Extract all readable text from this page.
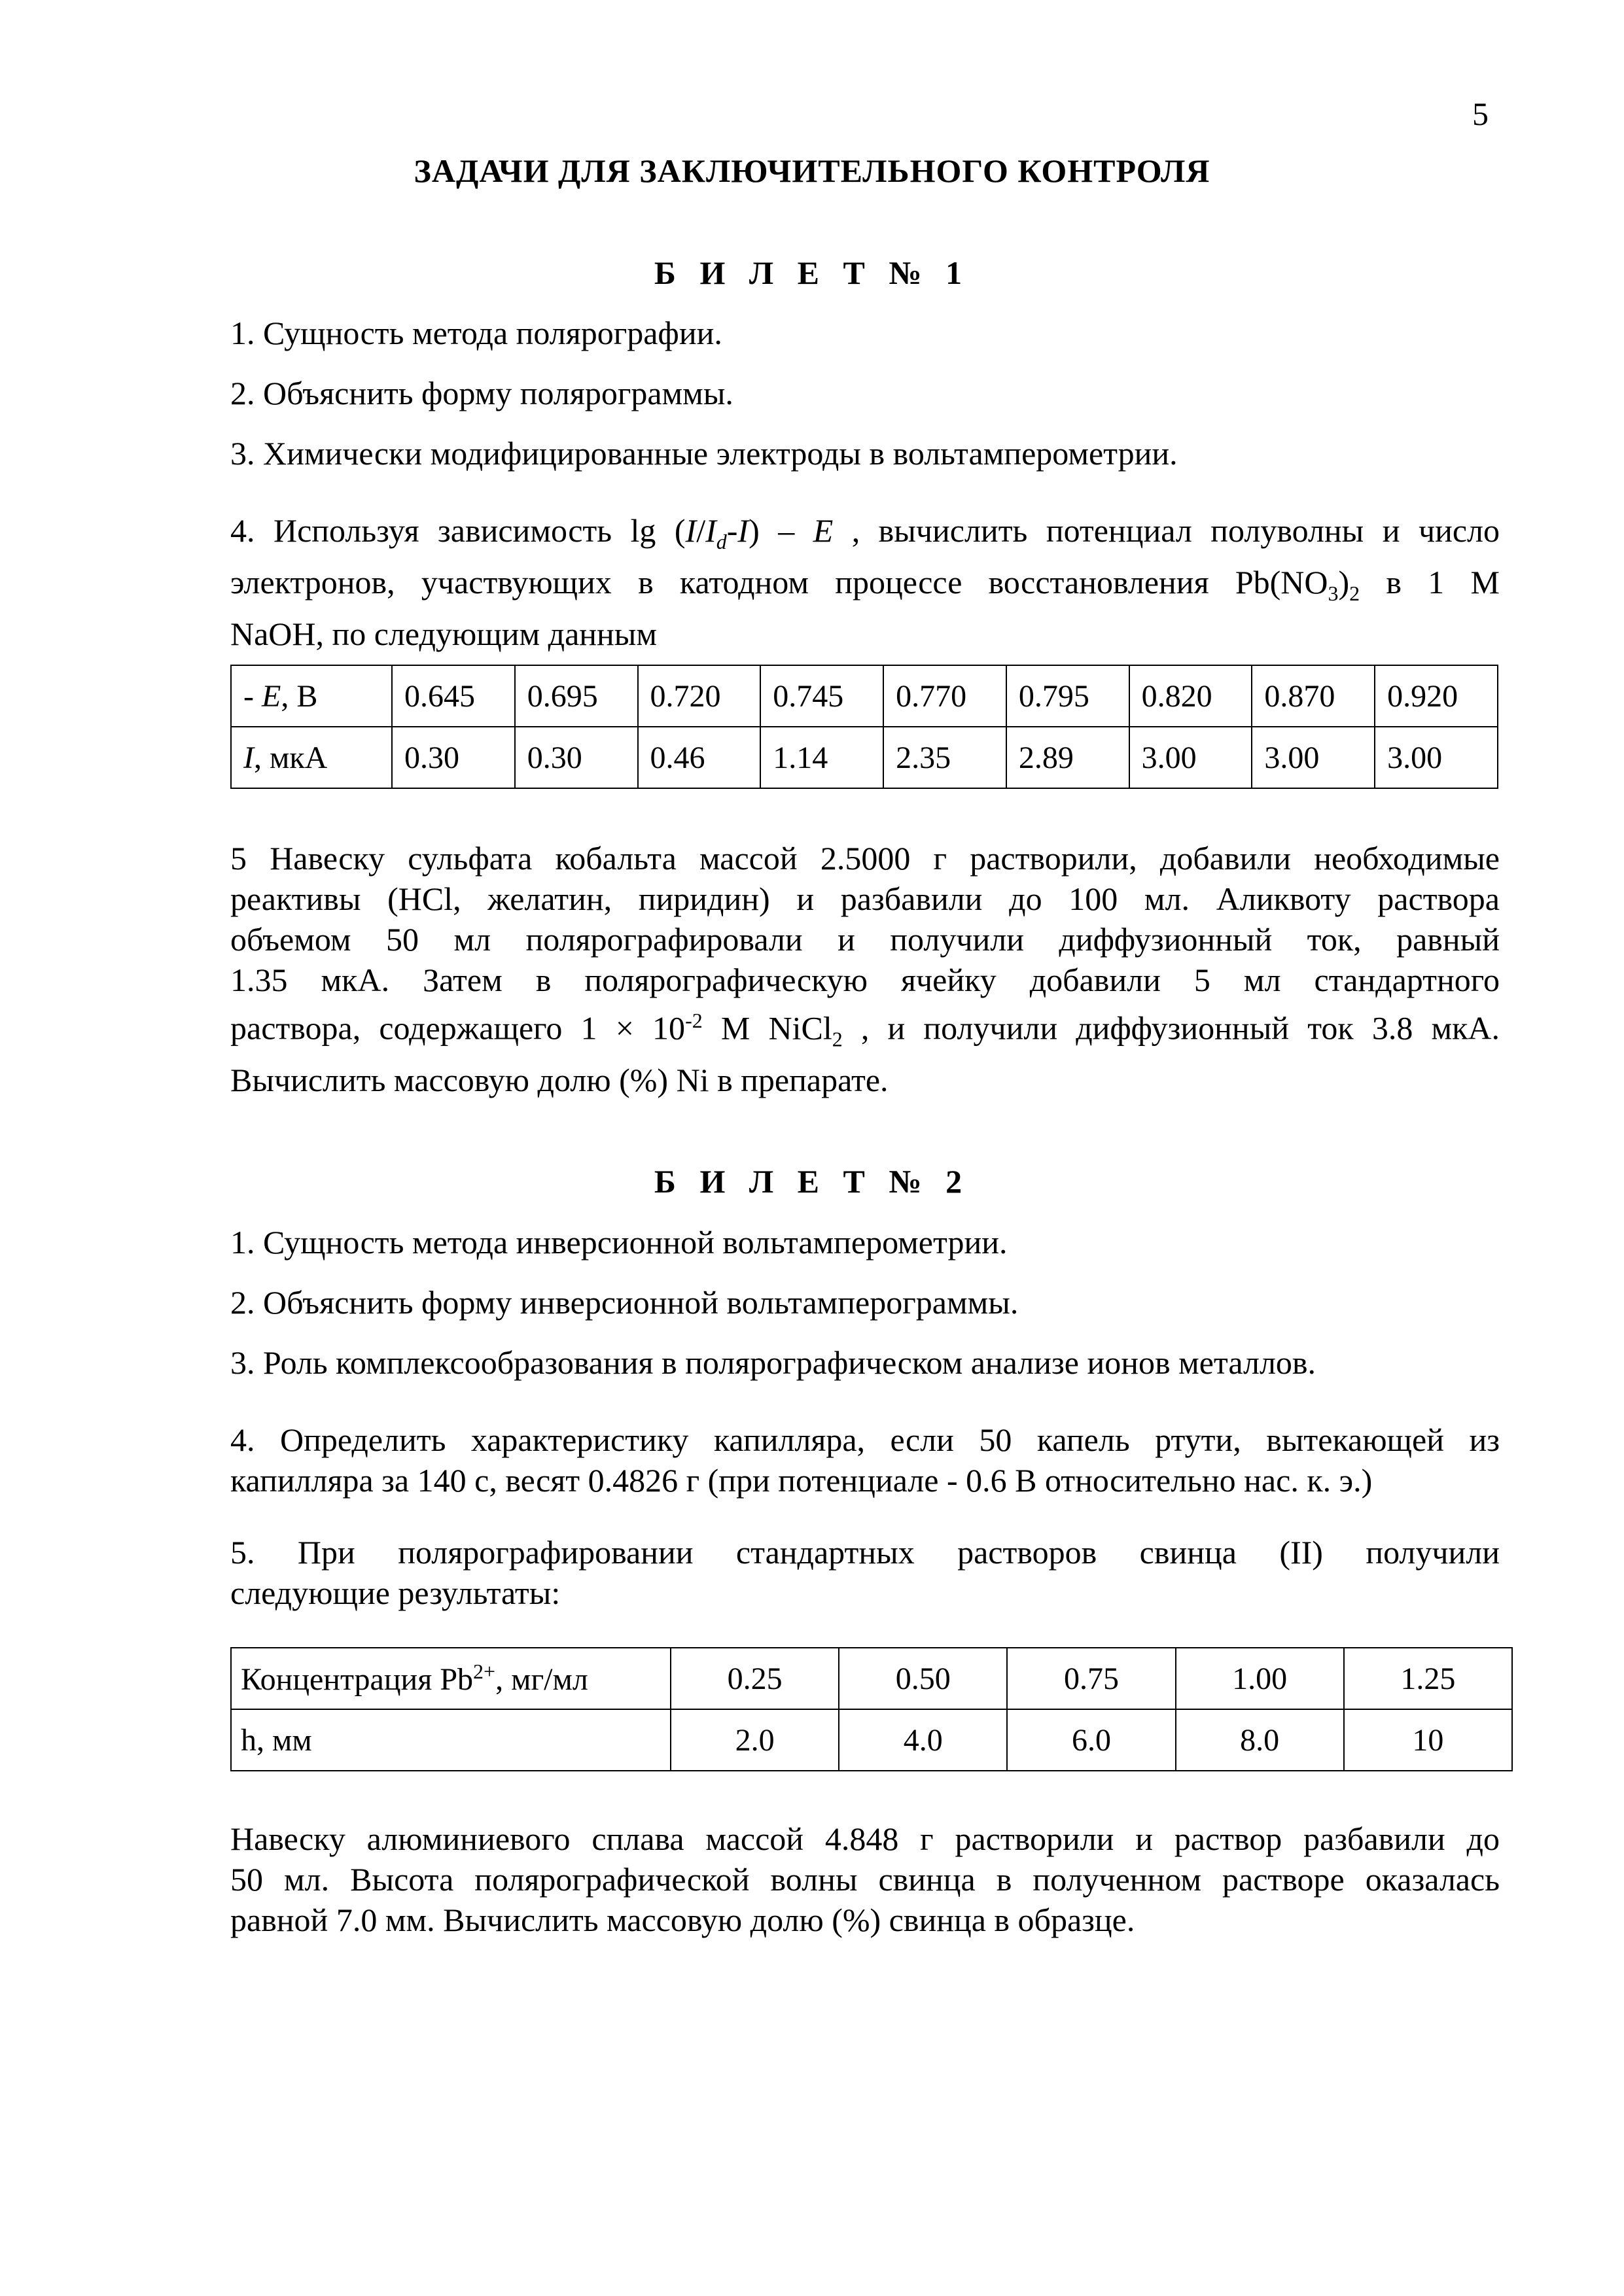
5
ЗАДАЧИ ДЛЯ ЗАКЛЮЧИТЕЛЬНОГО КОНТРОЛЯ
Б И Л Е Т № 1
1. Сущность метода полярографии.
2. Объяснить форму полярограммы.
3. Химически модифицированные электроды в вольтамперометрии.
4. Используя зависимость $\lg (I/I_d-I)$ – E , вычислить потенциал полуволны и число
электронов, участвующих в катодном процессе восстановления $Pb(NO_3)_2$ в 1 М
NaOH, по следующим данным
- E, В	0.645	0.695	0.720	0.745	0.770	0.795	0.820	0.870	0.920
I, мкА	0.30	0.30	0.46	1.14	2.35	2.89	3.00	3.00	3.00
5 Навеску сульфата кобальта массой 2.5000 г растворили, добавили необходимые
реактивы (HCl, желатин, пиридин) и разбавили до 100 мл. Аликвоту раствора
объемом 50 мл полярографировали и получили диффузионный ток, равный
1.35 мкА. Затем в полярографическую ячейку добавили 5 мл стандартного
раствора, содержащего $1 \times 10^{-2}$ М NiCl$_2$ , и получили диффузионный ток 3.8 мкА.
Вычислить массовую долю (%) Ni в препарате.
Б И Л Е Т № 2
1. Сущность метода инверсионной вольтамперометрии.
2. Объяснить форму инверсионной вольтамперограммы.
3. Роль комплексообразования в полярографическом анализе ионов металлов.
4. Определить характеристику капилляра, если 50 капель ртути, вытекающей из
капилляра за 140 с, весят 0.4826 г (при потенциале - 0.6 В относительно нас. к. э.)
5. При полярографировании стандартных растворов свинца (II) получили
следующие результаты:
Концентрация $Pb^{2+}$, мг/мл	0.25	0.50	0.75	1.00	1.25
h, мм	2.0	4.0	6.0	8.0	10
Навеску алюминиевого сплава массой 4.848 г растворили и раствор разбавили до
50 мл. Высота полярографической волны свинца в полученном растворе оказалась
равной 7.0 мм. Вычислить массовую долю (%) свинца в образце.
